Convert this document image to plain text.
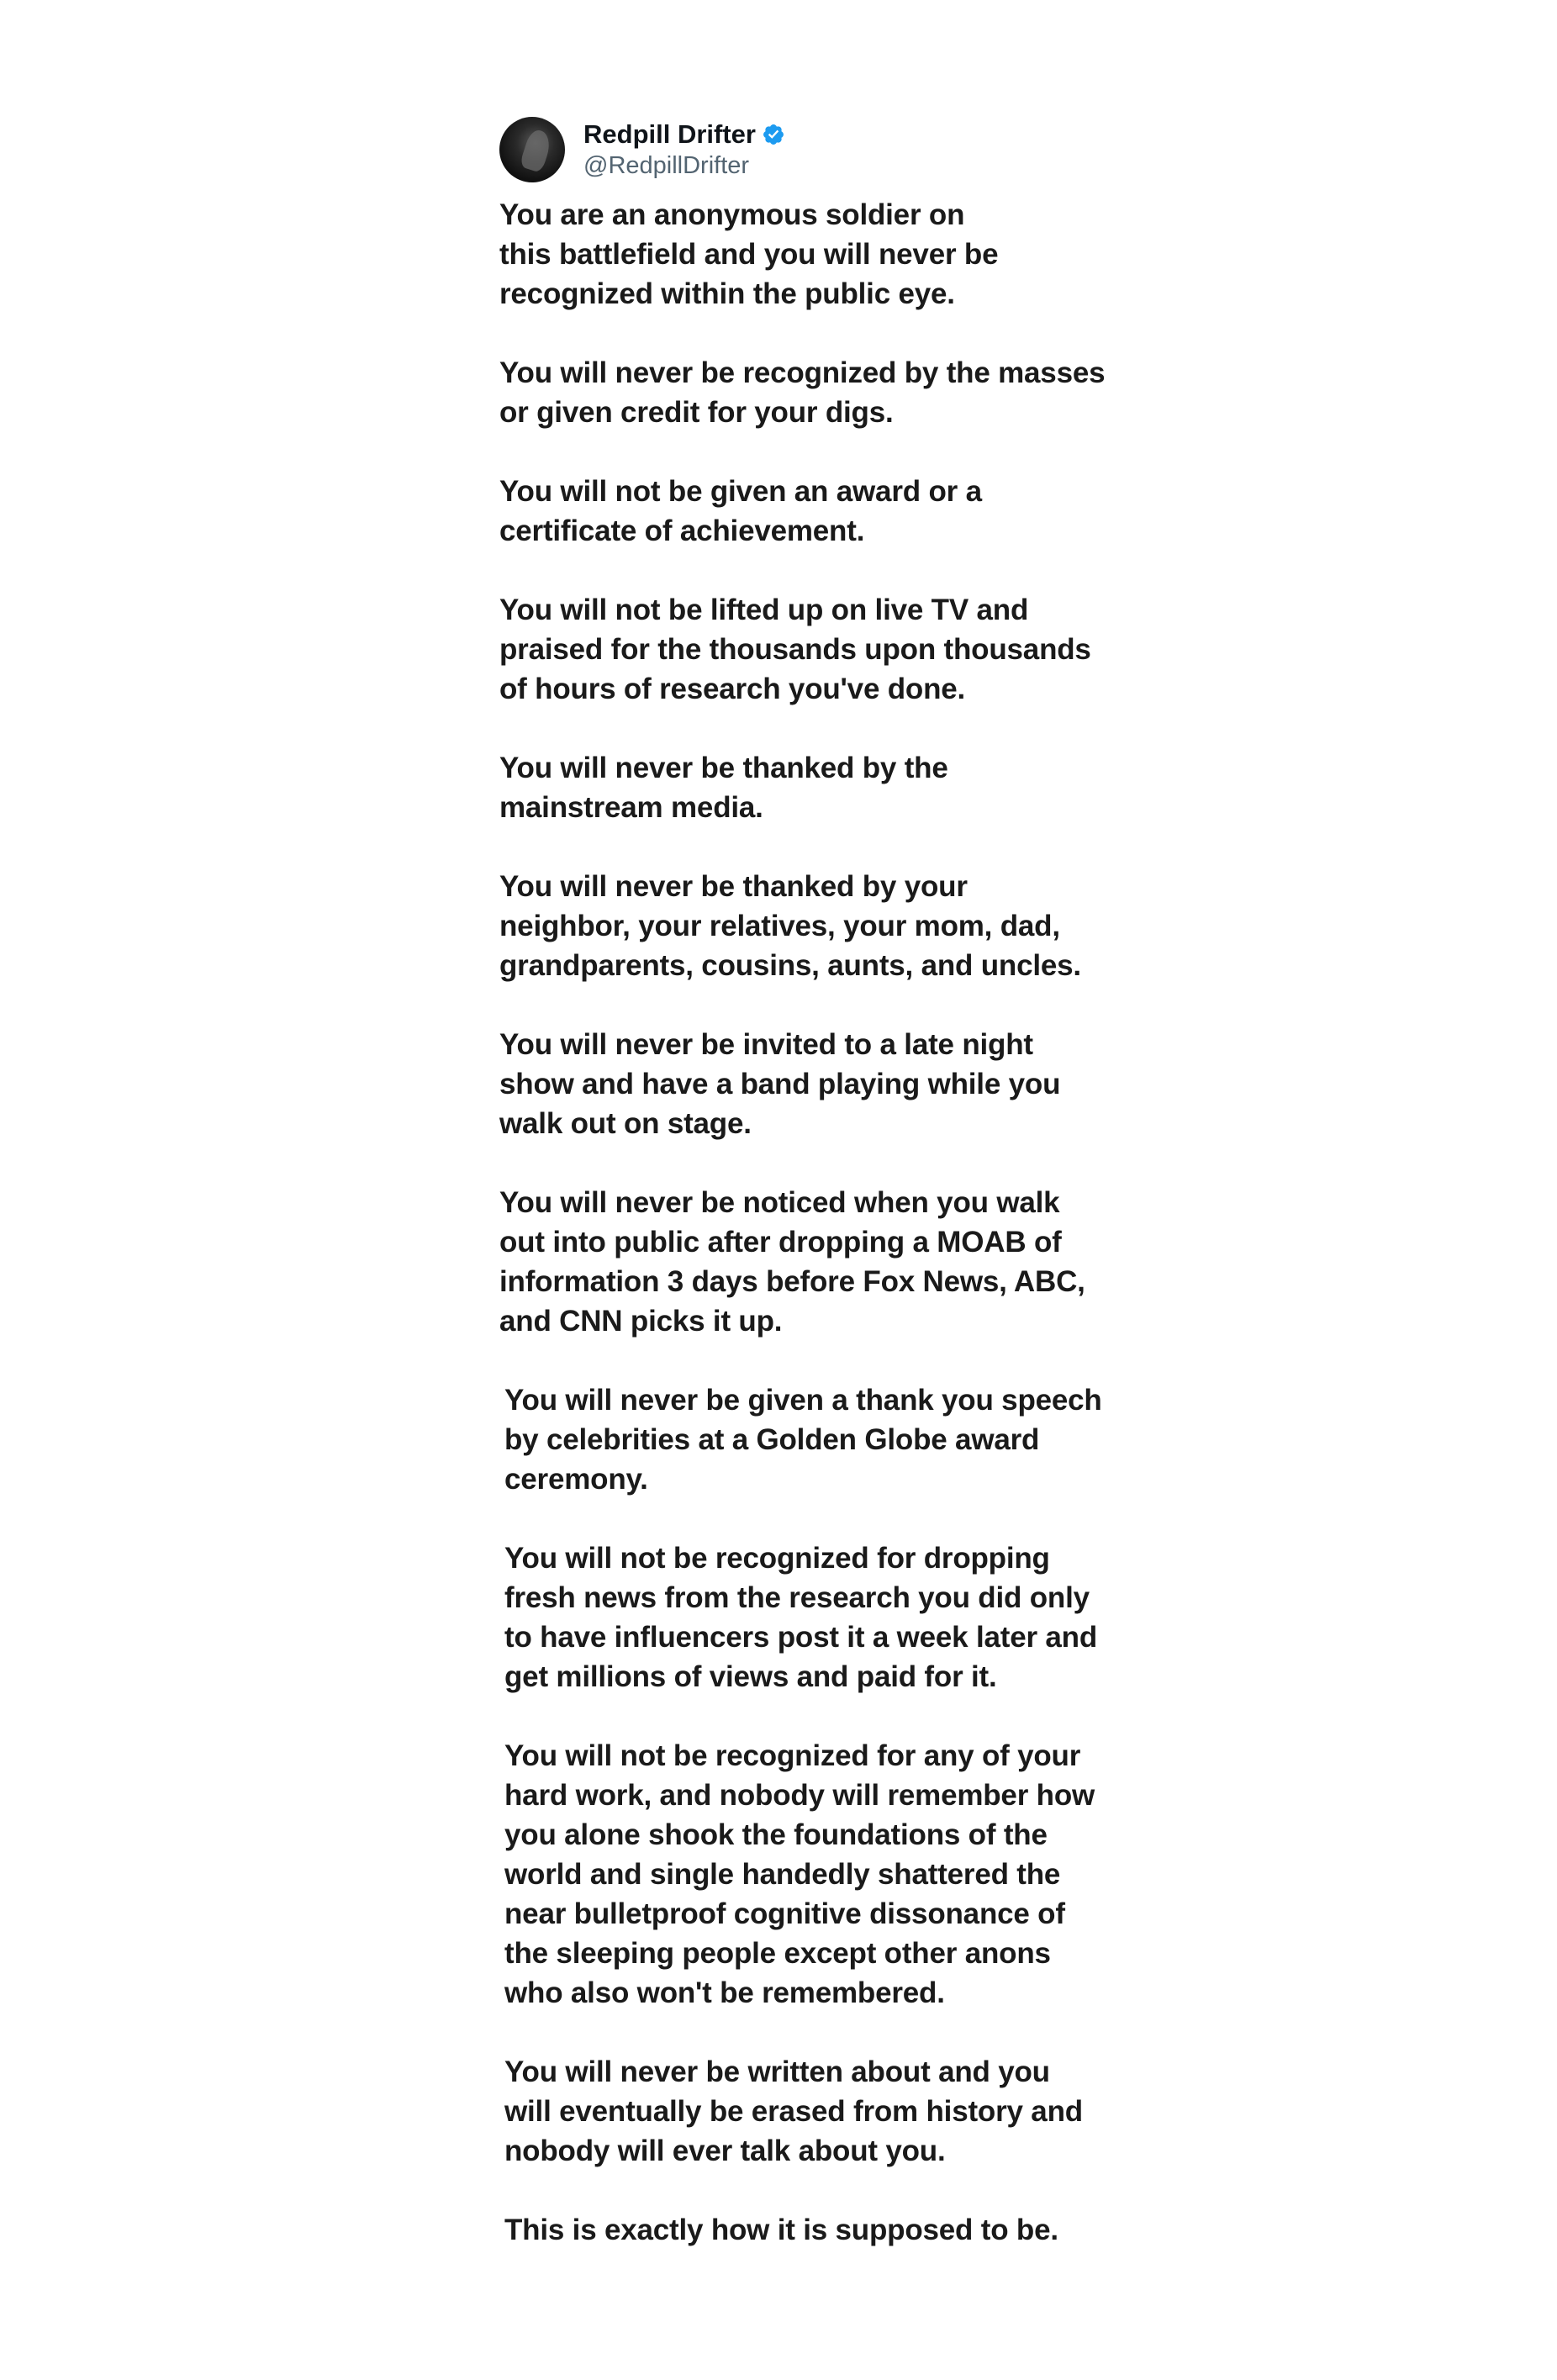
Redpill Drifter
@RedpillDrifter

You are an anonymous soldier on
this battlefield and you will never be
recognized within the public eye.

You will never be recognized by the masses
or given credit for your digs.

You will not be given an award or a
certificate of achievement.

You will not be lifted up on live TV and
praised for the thousands upon thousands
of hours of research you've done.

You will never be thanked by the
mainstream media.

You will never be thanked by your
neighbor, your relatives, your mom, dad,
grandparents, cousins, aunts, and uncles.

You will never be invited to a late night
show and have a band playing while you
walk out on stage.

You will never be noticed when you walk
out into public after dropping a MOAB of
information 3 days before Fox News, ABC,
and CNN picks it up.

You will never be given a thank you speech
by celebrities at a Golden Globe award
ceremony.

You will not be recognized for dropping
fresh news from the research you did only
to have influencers post it a week later and
get millions of views and paid for it.

You will not be recognized for any of your
hard work, and nobody will remember how
you alone shook the foundations of the
world and single handedly shattered the
near bulletproof cognitive dissonance of
the sleeping people except other anons
who also won't be remembered.

You will never be written about and you
will eventually be erased from history and
nobody will ever talk about you.

This is exactly how it is supposed to be.
